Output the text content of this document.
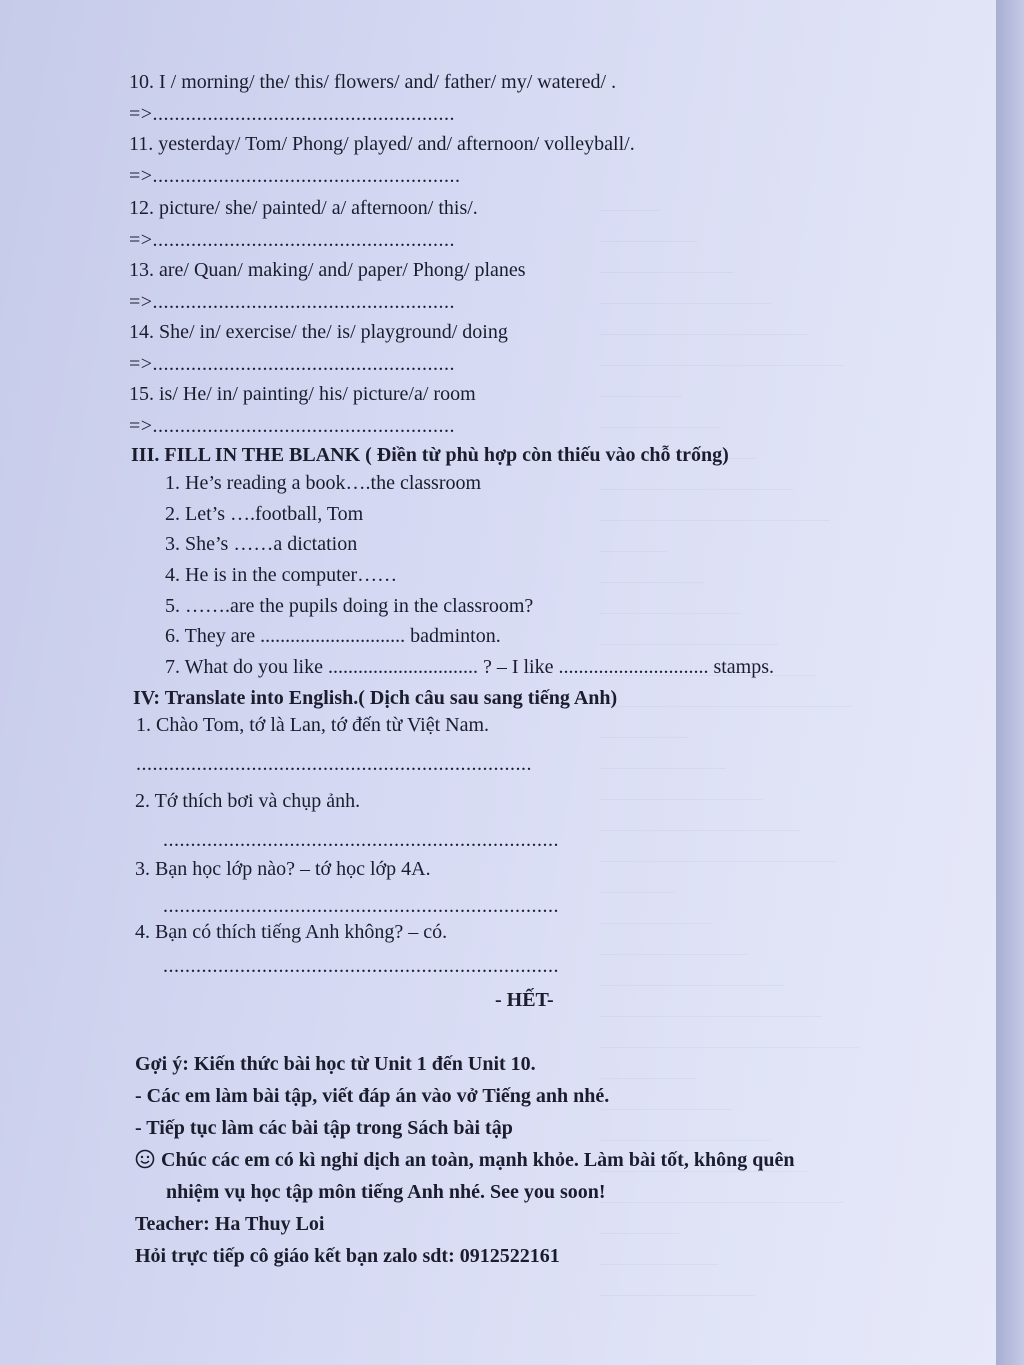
10. I / morning/ the/ this/ flowers/ and/ father/ my/ watered/ .
=>.......................................................
11. yesterday/ Tom/ Phong/ played/ and/ afternoon/ volleyball/.
=>........................................................
12. picture/ she/ painted/ a/ afternoon/ this/.
=>.......................................................
13. are/ Quan/ making/ and/ paper/ Phong/ planes
=>.......................................................
14. She/ in/ exercise/ the/ is/ playground/ doing
=>.......................................................
15. is/ He/ in/ painting/ his/ picture/a/ room
=>.......................................................
III. FILL IN THE BLANK ( Điền từ phù hợp còn thiếu vào chỗ trống)
1. He’s reading a book….the classroom
2. Let’s ….football, Tom
3. She’s ……a dictation
4. He is in the computer……
5. …….are the pupils doing in the classroom?
6. They are ............................. badminton.
7. What do you like .............................. ? – I like .............................. stamps.
IV: Translate into English.( Dịch câu sau sang tiếng Anh)
1. Chào Tom, tớ là Lan, tớ đến từ Việt Nam.
........................................................................
2. Tớ thích bơi và chụp ảnh.
........................................................................
3. Bạn học lớp nào? – tớ học lớp 4A.
........................................................................
4. Bạn có thích tiếng Anh không? – có.
........................................................................
- HẾT-
Gợi ý: Kiến thức bài học từ Unit 1 đến Unit 10.
- Các em làm bài tập, viết đáp án vào vở Tiếng anh nhé.
- Tiếp tục làm các bài tập trong Sách bài tập
Chúc các em có kì nghỉ dịch an toàn, mạnh khỏe. Làm bài tốt, không quên
nhiệm vụ học tập môn tiếng Anh nhé. See you soon!
Teacher: Ha Thuy Loi
Hỏi trực tiếp cô giáo kết bạn zalo sdt: 0912522161
